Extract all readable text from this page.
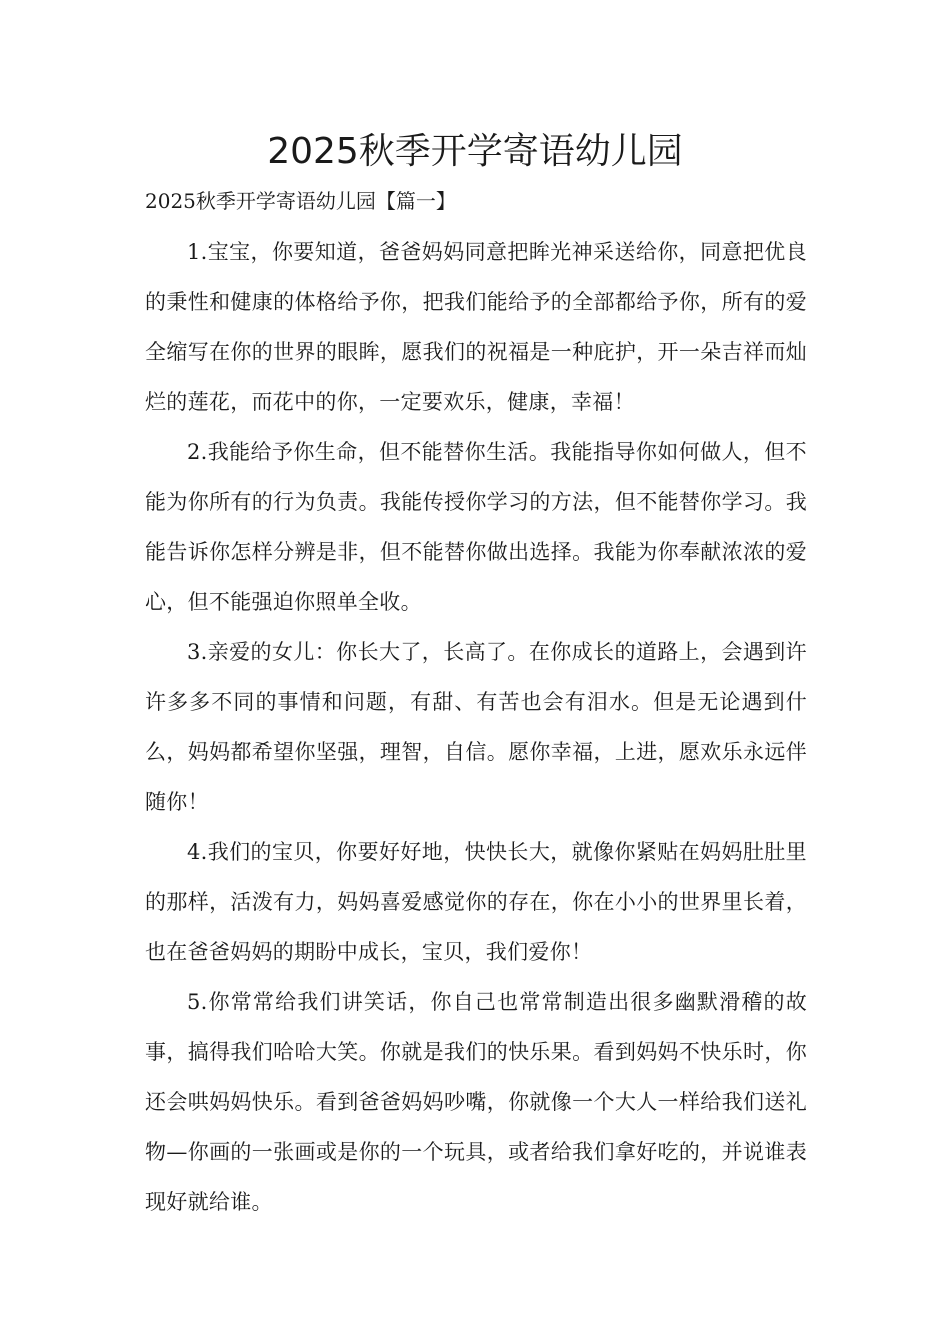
2025秋季开学寄语幼儿园

2025秋季开学寄语幼儿园【篇一】

1.宝宝，你要知道，爸爸妈妈同意把眸光神采送给你，同意把优良的秉性和健康的体格给予你，把我们能给予的全部都给予你，所有的爱全缩写在你的世界的眼眸，愿我们的祝福是一种庇护，开一朵吉祥而灿烂的莲花，而花中的你，一定要欢乐，健康，幸福！

2.我能给予你生命，但不能替你生活。我能指导你如何做人，但不能为你所有的行为负责。我能传授你学习的方法，但不能替你学习。我能告诉你怎样分辨是非，但不能替你做出选择。我能为你奉献浓浓的爱心，但不能强迫你照单全收。

3.亲爱的女儿：你长大了，长高了。在你成长的道路上，会遇到许许多多不同的事情和问题，有甜、有苦也会有泪水。但是无论遇到什么，妈妈都希望你坚强，理智，自信。愿你幸福，上进，愿欢乐永远伴随你！

4.我们的宝贝，你要好好地，快快长大，就像你紧贴在妈妈肚肚里的那样，活泼有力，妈妈喜爱感觉你的存在，你在小小的世界里长着，也在爸爸妈妈的期盼中成长，宝贝，我们爱你！

5.你常常给我们讲笑话，你自己也常常制造出很多幽默滑稽的故事，搞得我们哈哈大笑。你就是我们的快乐果。看到妈妈不快乐时，你还会哄妈妈快乐。看到爸爸妈妈吵嘴，你就像一个大人一样给我们送礼物—你画的一张画或是你的一个玩具，或者给我们拿好吃的，并说谁表现好就给谁。
